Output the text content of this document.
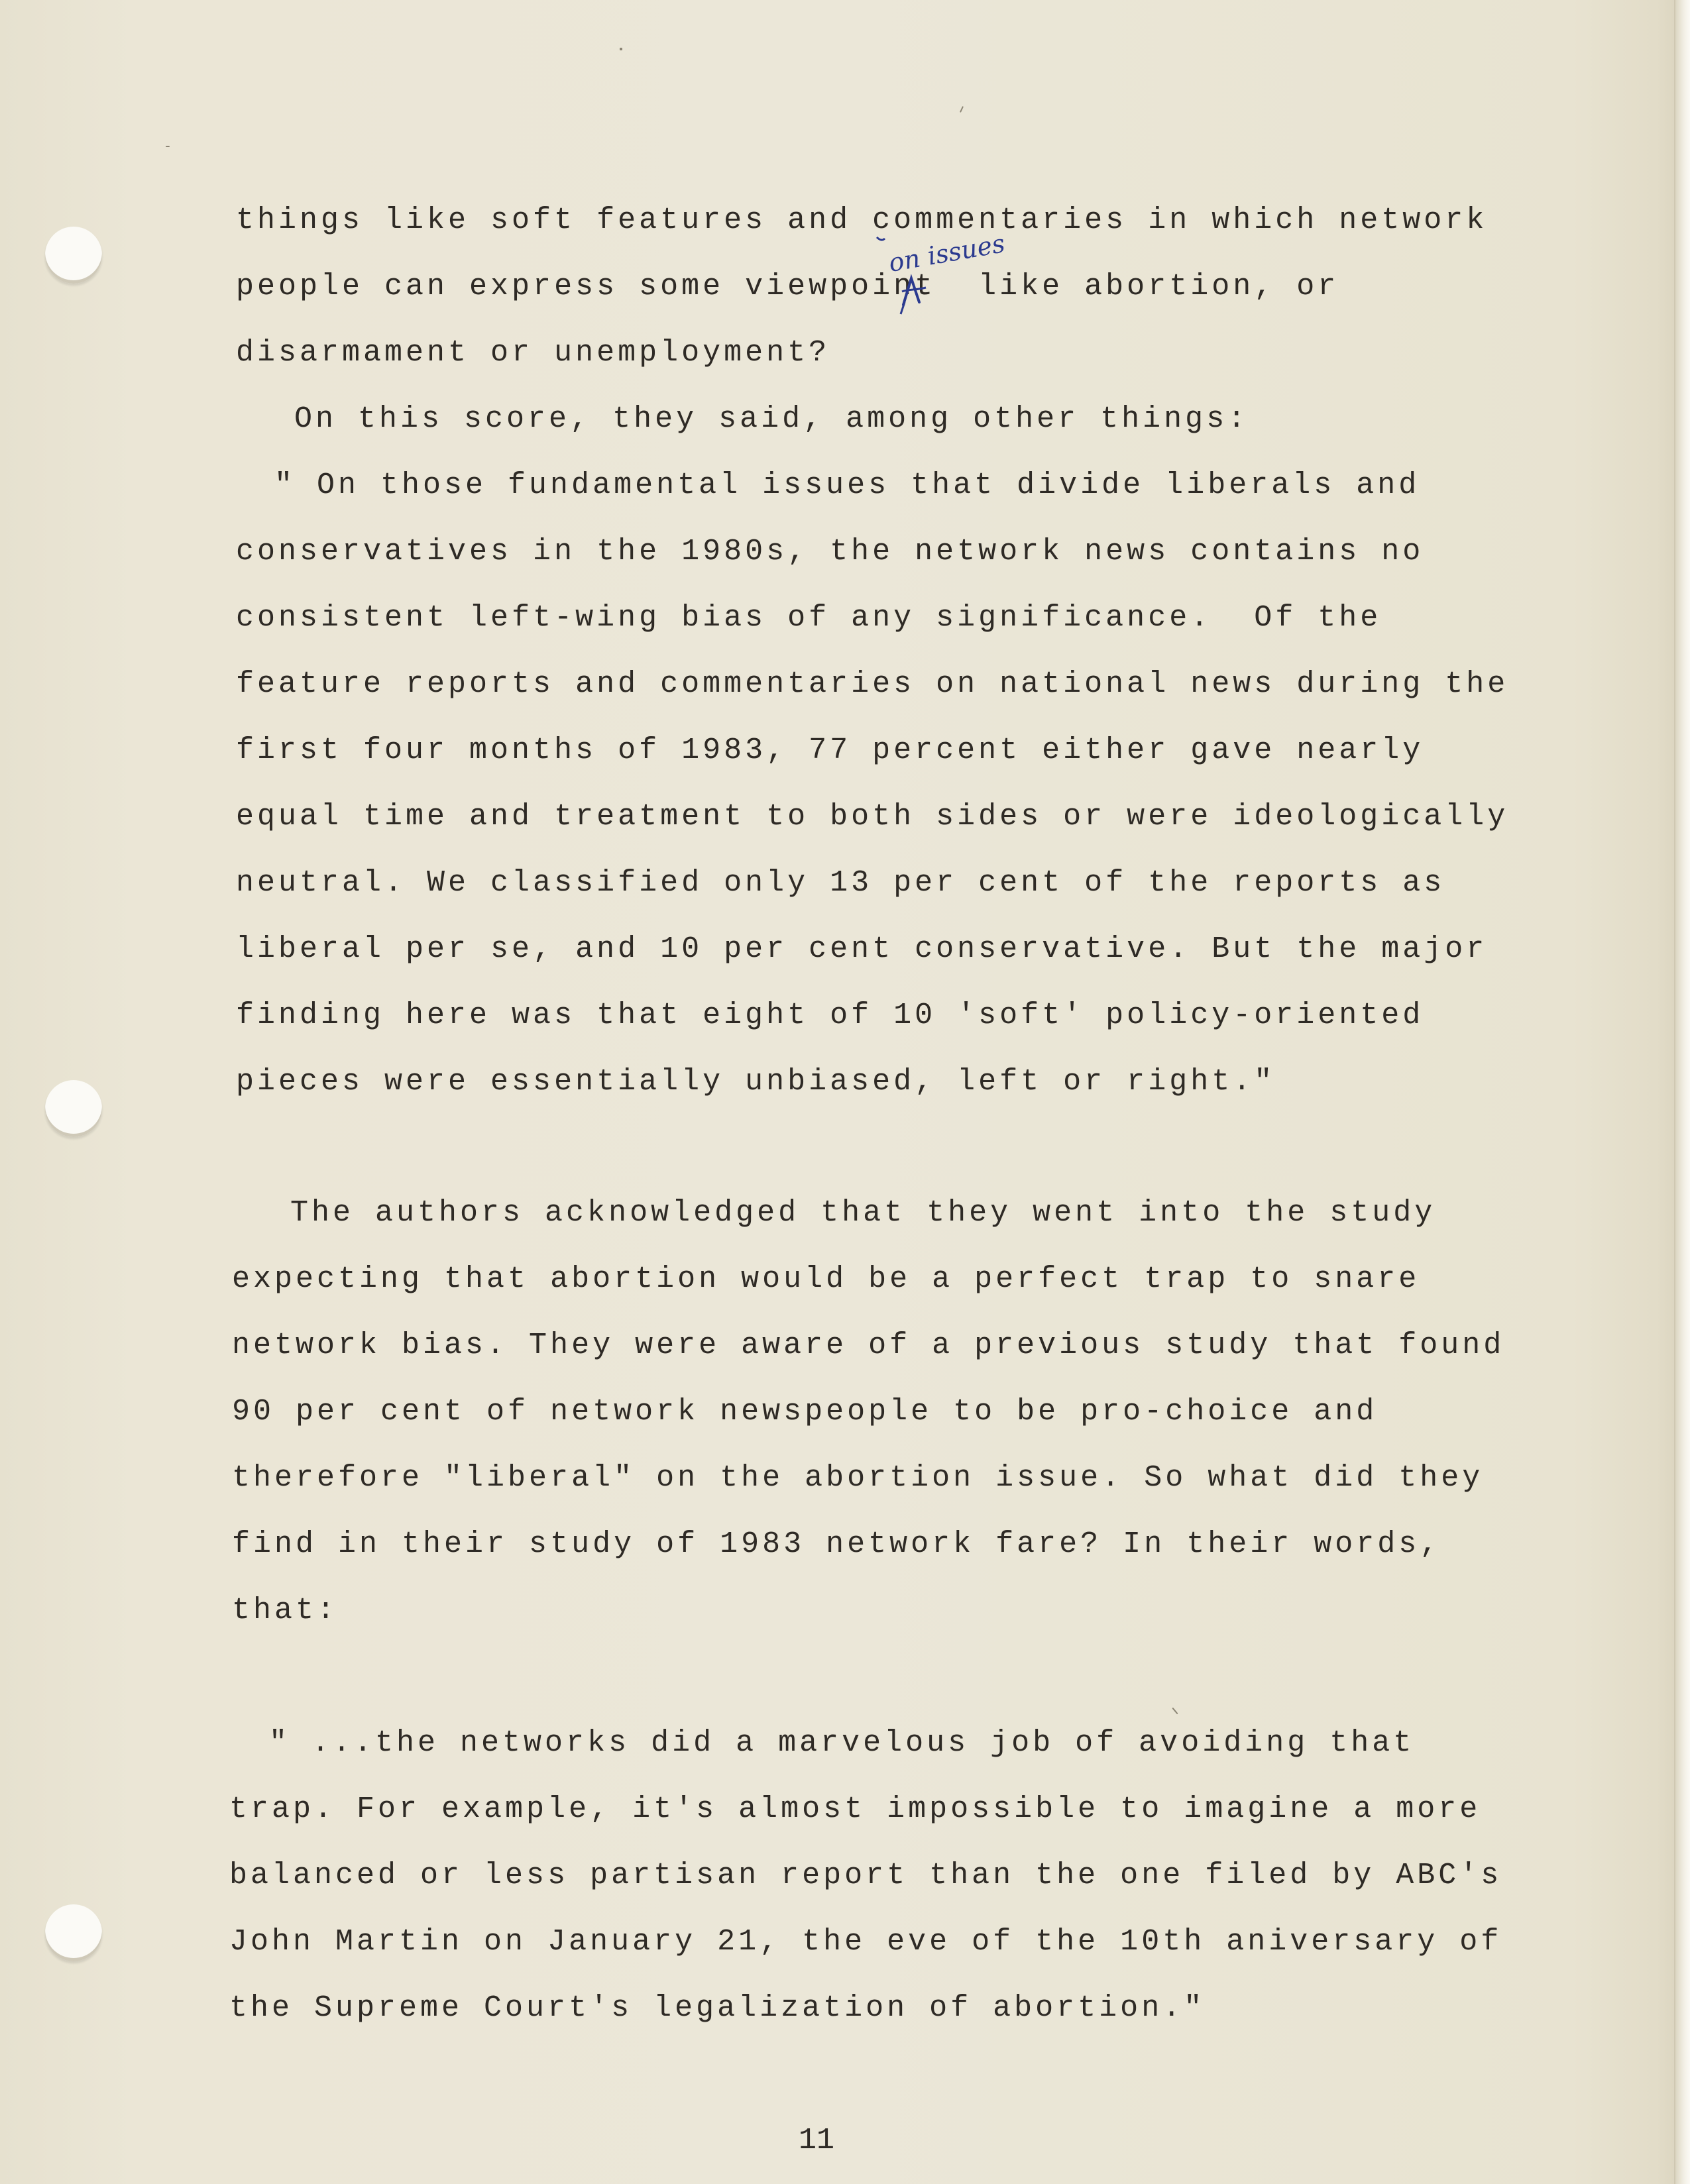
things like soft features and commentaries in which network

people can express some viewpoint  like abortion, or

disarmament or unemployment?

On this score, they said, among other things:

" On those fundamental issues that divide liberals and

conservatives in the 1980s, the network news contains no

consistent left-wing bias of any significance.  Of the

feature reports and commentaries on national news during the

first four months of 1983, 77 percent either gave nearly

equal time and treatment to both sides or were ideologically

neutral. We classified only 13 per cent of the reports as

liberal per se, and 10 per cent conservative. But the major

finding here was that eight of 10 'soft' policy-oriented

pieces were essentially unbiased, left or right."

The authors acknowledged that they went into the study

expecting that abortion would be a perfect trap to snare

network bias. They were aware of a previous study that found

90 per cent of network newspeople to be pro-choice and

therefore "liberal" on the abortion issue. So what did they

find in their study of 1983 network fare? In their words,

that:

" ...the networks did a marvelous job of avoiding that

trap. For example, it's almost impossible to imagine a more

balanced or less partisan report than the one filed by ABC's

John Martin on January 21, the eve of the 10th aniversary of

the Supreme Court's legalization of abortion."

on issues
11
